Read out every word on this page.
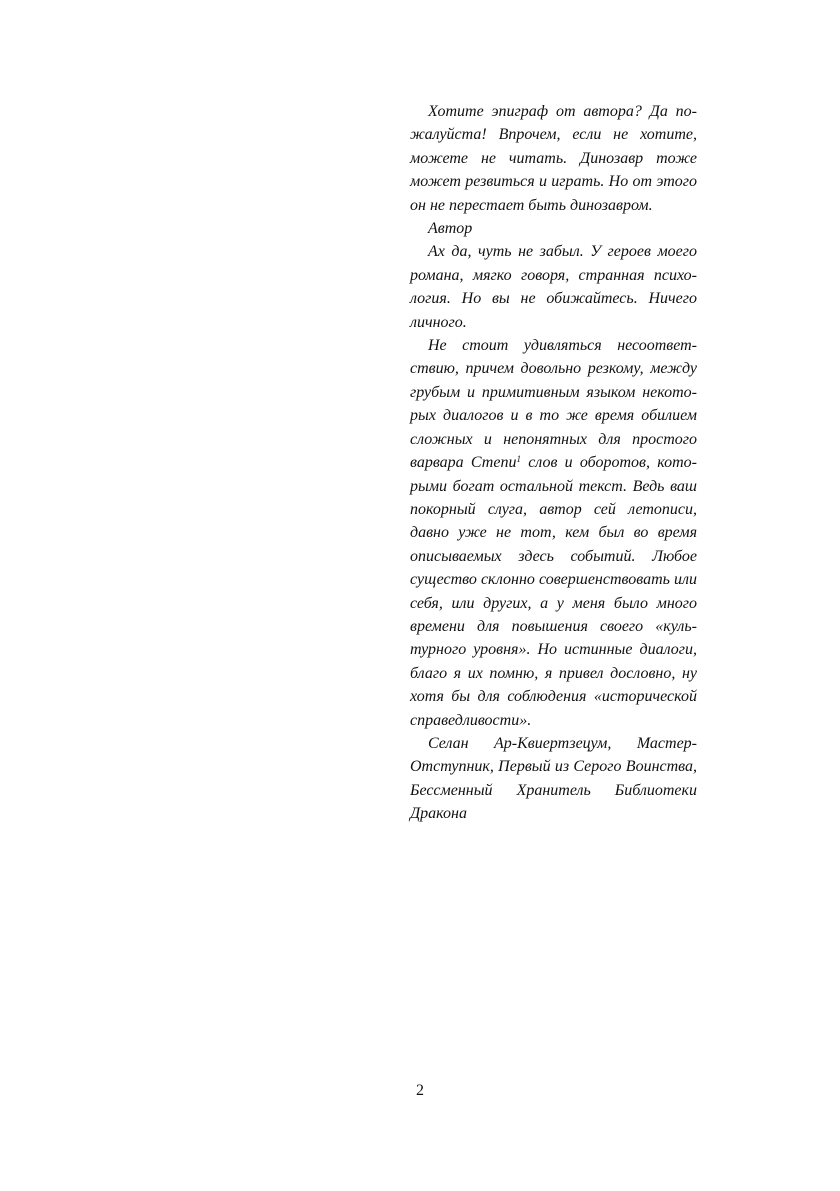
Хотите эпиграф от автора? Да пожалуйста! Впрочем, если не хотите, можете не читать. Динозавр тоже может резвиться и играть. Но от этого он не перестает быть динозавром.

Автор

Ах да, чуть не забыл. У героев моего романа, мягко говоря, странная психология. Но вы не обижайтесь. Ничего личного.

Не стоит удивляться несоответствию, причем довольно резкому, между грубым и примитивным языком некоторых диалогов и в то же время обилием сложных и непонятных для простого варвара Степи$^1$ слов и оборотов, которыми богат остальной текст. Ведь ваш покорный слуга, автор сей летописи, давно уже не тот, кем был во время описываемых здесь событий. Любое существо склонно совершенствовать или себя, или других, а у меня было много времени для повышения своего «культурного уровня». Но истинные диалоги, благо я их помню, я привел дословно, ну хотя бы для соблюдения «исторической справедливости».

Селан Ар-Квиертзецум, Мастер-Отступник, Первый из Серого Воинства, Бессменный Хранитель Библиотеки Дракона

2
